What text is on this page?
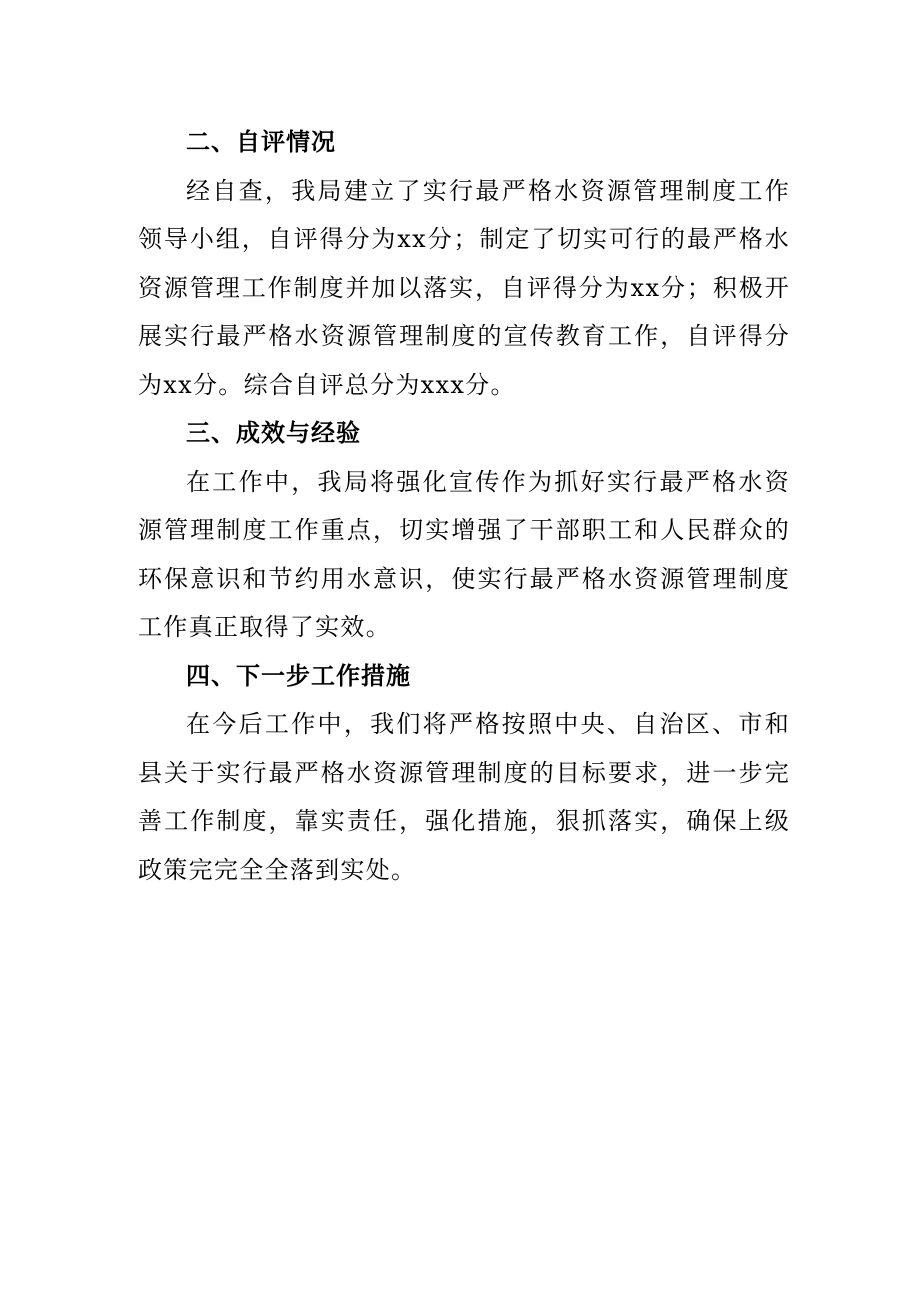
二、自评情况

经自查，我局建立了实行最严格水资源管理制度工作领导小组，自评得分为xx分；制定了切实可行的最严格水资源管理工作制度并加以落实，自评得分为xx分；积极开展实行最严格水资源管理制度的宣传教育工作，自评得分为xx分。综合自评总分为xxx分。

三、成效与经验

在工作中，我局将强化宣传作为抓好实行最严格水资源管理制度工作重点，切实增强了干部职工和人民群众的环保意识和节约用水意识，使实行最严格水资源管理制度工作真正取得了实效。

四、下一步工作措施

在今后工作中，我们将严格按照中央、自治区、市和县关于实行最严格水资源管理制度的目标要求，进一步完善工作制度，靠实责任，强化措施，狠抓落实，确保上级政策完完全全落到实处。
